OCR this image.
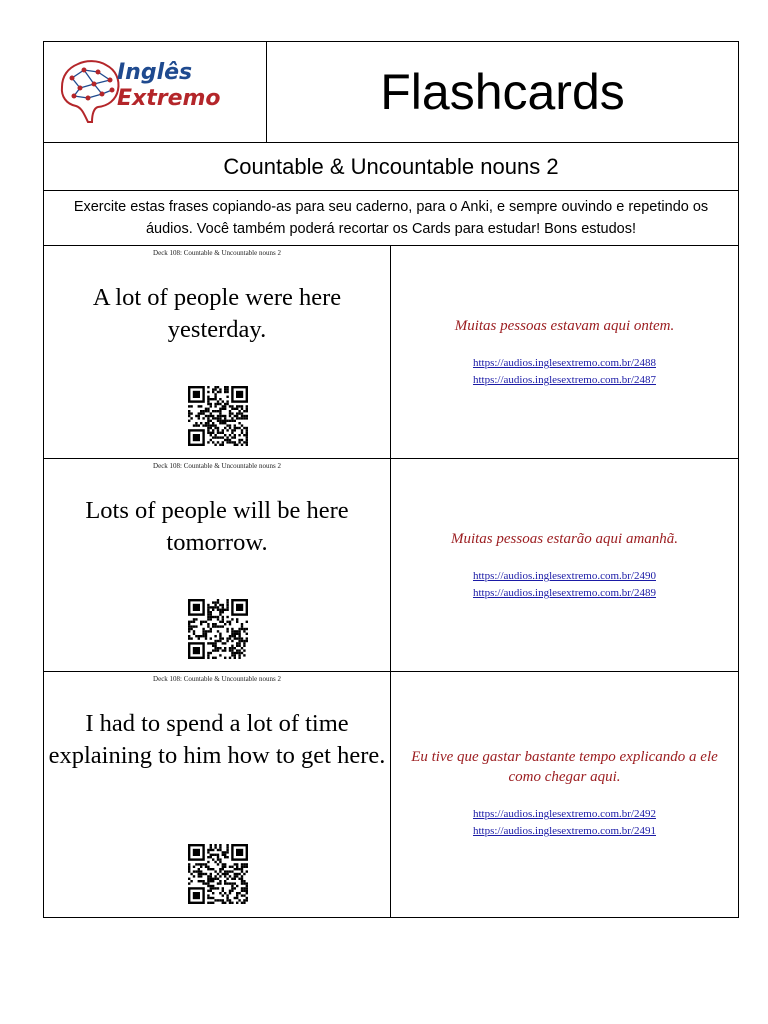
Inglês
Extremo	Flashcards
Countable & Uncountable nouns 2
Exercite estas frases copiando-as para seu caderno, para o Anki, e sempre ouvindo e repetindo os áudios. Você também poderá recortar os Cards para estudar! Bons estudos!
Deck 108: Countable & Uncountable nouns 2
A lot of people were here yesterday.	Muitas pessoas estavam aqui ontem.
https://audios.inglesextremo.com.br/2488
https://audios.inglesextremo.com.br/2487
Deck 108: Countable & Uncountable nouns 2
Lots of people will be here tomorrow.	Muitas pessoas estarão aqui amanhã.
https://audios.inglesextremo.com.br/2490
https://audios.inglesextremo.com.br/2489
Deck 108: Countable & Uncountable nouns 2
I had to spend a lot of time explaining to him how to get here.	Eu tive que gastar bastante tempo explicando a ele como chegar aqui.
https://audios.inglesextremo.com.br/2492
https://audios.inglesextremo.com.br/2491
